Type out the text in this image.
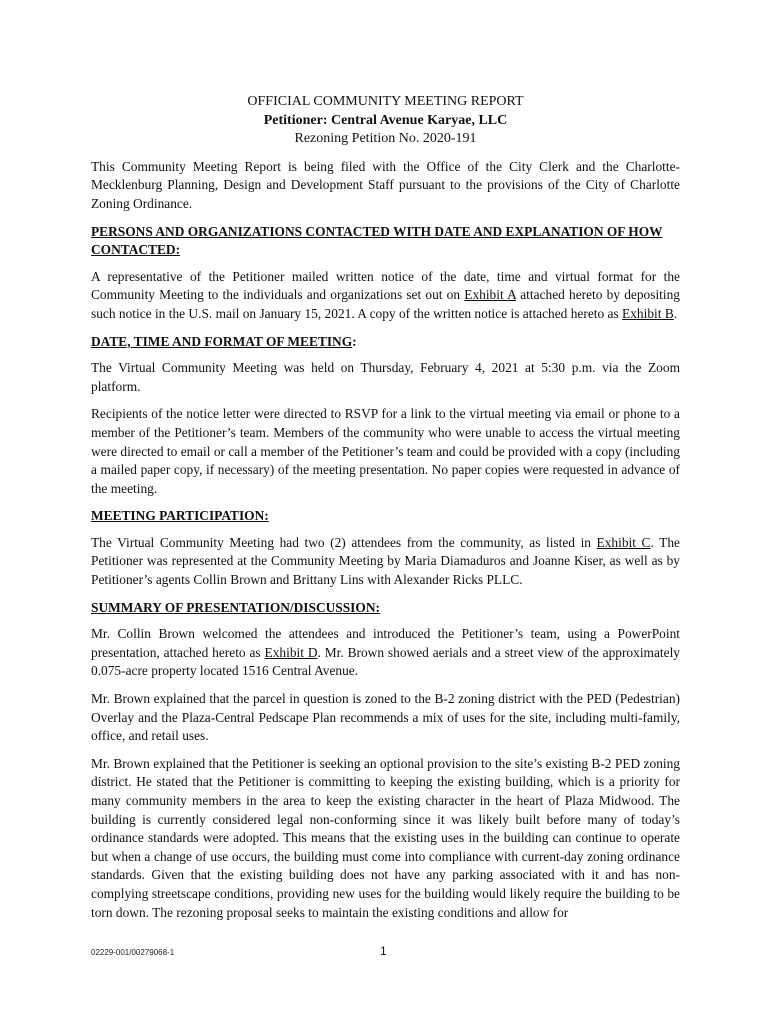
OFFICIAL COMMUNITY MEETING REPORT
Petitioner: Central Avenue Karyae, LLC
Rezoning Petition No. 2020-191

This Community Meeting Report is being filed with the Office of the City Clerk and the Charlotte-Mecklenburg Planning, Design and Development Staff pursuant to the provisions of the City of Charlotte Zoning Ordinance.

PERSONS AND ORGANIZATIONS CONTACTED WITH DATE AND EXPLANATION OF HOW CONTACTED:

A representative of the Petitioner mailed written notice of the date, time and virtual format for the Community Meeting to the individuals and organizations set out on Exhibit A attached hereto by depositing such notice in the U.S. mail on January 15, 2021. A copy of the written notice is attached hereto as Exhibit B.

DATE, TIME AND FORMAT OF MEETING:

The Virtual Community Meeting was held on Thursday, February 4, 2021 at 5:30 p.m. via the Zoom platform.

Recipients of the notice letter were directed to RSVP for a link to the virtual meeting via email or phone to a member of the Petitioner’s team. Members of the community who were unable to access the virtual meeting were directed to email or call a member of the Petitioner’s team and could be provided with a copy (including a mailed paper copy, if necessary) of the meeting presentation. No paper copies were requested in advance of the meeting.

MEETING PARTICIPATION:

The Virtual Community Meeting had two (2) attendees from the community, as listed in Exhibit C. The Petitioner was represented at the Community Meeting by Maria Diamaduros and Joanne Kiser, as well as by Petitioner’s agents Collin Brown and Brittany Lins with Alexander Ricks PLLC.

SUMMARY OF PRESENTATION/DISCUSSION:

Mr. Collin Brown welcomed the attendees and introduced the Petitioner’s team, using a PowerPoint presentation, attached hereto as Exhibit D. Mr. Brown showed aerials and a street view of the approximately 0.075-acre property located 1516 Central Avenue.

Mr. Brown explained that the parcel in question is zoned to the B-2 zoning district with the PED (Pedestrian) Overlay and the Plaza-Central Pedscape Plan recommends a mix of uses for the site, including multi-family, office, and retail uses.

Mr. Brown explained that the Petitioner is seeking an optional provision to the site’s existing B-2 PED zoning district. He stated that the Petitioner is committing to keeping the existing building, which is a priority for many community members in the area to keep the existing character in the heart of Plaza Midwood. The building is currently considered legal non-conforming since it was likely built before many of today’s ordinance standards were adopted. This means that the existing uses in the building can continue to operate but when a change of use occurs, the building must come into compliance with current-day zoning ordinance standards. Given that the existing building does not have any parking associated with it and has non-complying streetscape conditions, providing new uses for the building would likely require the building to be torn down. The rezoning proposal seeks to maintain the existing conditions and allow for

02229-001/00279068-1	1
